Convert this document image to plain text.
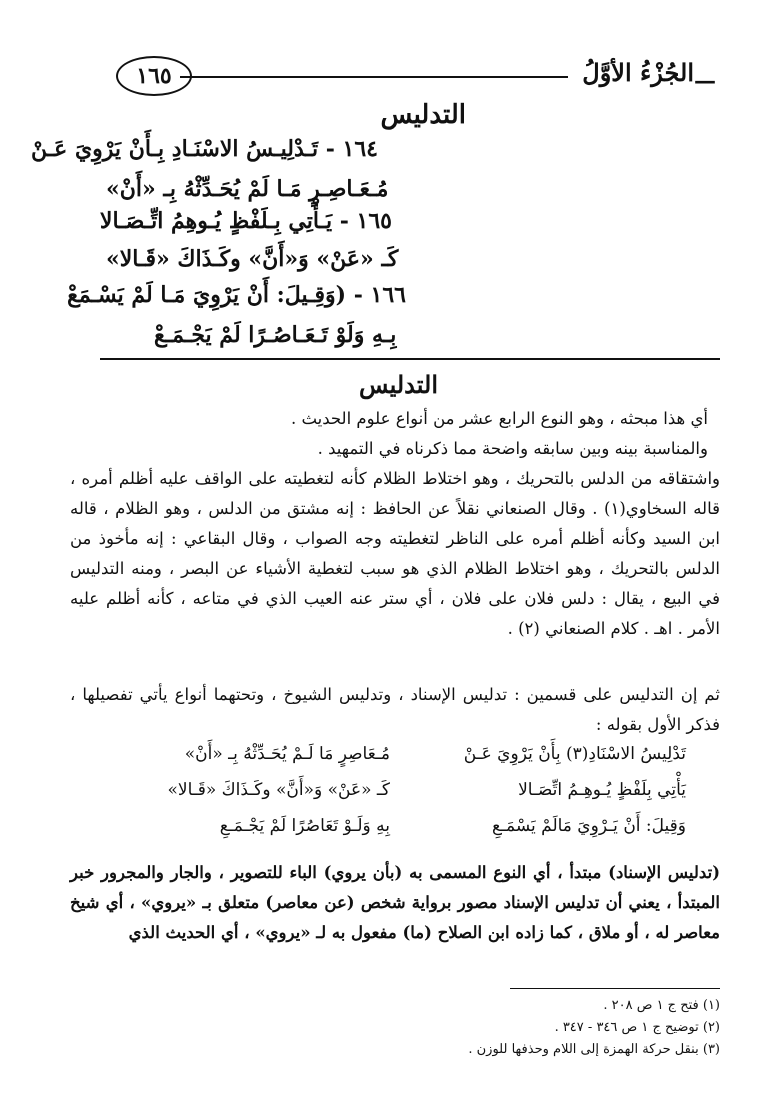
—
الجُزْءُ الأوَّلُ
١٦٥
التدليس
١٦٤ - تَـدْلِيـسُ الاسْنَـادِ بِـأَنْ يَرْوِيَ عَـنْ
مُـعَـاصِـرٍ مَـا لَمْ يُحَـدِّثْهُ بِـ «أَنْ»
١٦٥ - يَـأْتِي بِـلَفْظٍ يُـوهِمُ اتِّـصَـالا
كَـ «عَنْ» وَ«أَنَّ» وكَـذَاكَ «قَـالا»
١٦٦ - (وَقِـيلَ: أَنْ يَرْوِيَ مَـا لَمْ يَسْـمَعْ
بِـهِ وَلَوْ تَـعَـاصُـرًا لَمْ يَجْـمَـعْ
التدليس
أي هذا مبحثه ، وهو النوع الرابع عشر من أنواع علوم الحديث .
والمناسبة بينه وبين سابقه واضحة مما ذكرناه في التمهيد .
واشتقاقه من الدلس بالتحريك ، وهو اختلاط الظلام كأنه لتغطيته على الواقف عليه أظلم أمره ، قاله السخاوي(١) . وقال الصنعاني نقلاً عن الحافظ : إنه مشتق من الدلس ، وهو الظلام ، قاله ابن السيد وكأنه أظلم أمره على الناظر لتغطيته وجه الصواب ، وقال البقاعي : إنه مأخوذ من الدلس بالتحريك ، وهو اختلاط الظلام الذي هو سبب لتغطية الأشياء عن البصر ، ومنه التدليس في البيع ، يقال : دلس فلان على فلان ، أي ستر عنه العيب الذي في متاعه ، كأنه أظلم عليه الأمر . اهـ . كلام الصنعاني (٢) .
ثم إن التدليس على قسمين : تدليس الإسناد ، وتدليس الشيوخ ، وتحتهما أنواع يأتي تفصيلها ، فذكر الأول بقوله :
تَدْلِيسُ الاسْنَادِ(٣) بِأَنْ يَرْوِيَ عَـنْ
مُـعَاصِرٍ مَا لَـمْ يُحَـدِّثْهُ بِـ «أَنْ»
يَأْتِي بِلَفْظٍ يُـوهِـمُ اتِّصَـالا
كَـ «عَنْ» وَ«أَنَّ» وكَـذَاكَ «قَـالا»
وَقِيلَ: أَنْ يَـرْوِيَ مَالَمْ يَسْمَـعِ
بِهِ وَلَـوْ تَعَاصُرًا لَمْ يَجْـمَـعِ
(تدليس الإسناد) مبتدأ ، أي النوع المسمى به (بأن يروي) الباء للتصوير ، والجار والمجرور خبر المبتدأ ، يعني أن تدليس الإسناد مصور برواية شخص (عن معاصر) متعلق بـ «يروي» ، أي شيخ معاصر له ، أو ملاق ، كما زاده ابن الصلاح (ما) مفعول به لـ «يروي» ، أي الحديث الذي
(١) فتح ج ١ ص ٢٠٨ .
(٢) توضيح ج ١ ص ٣٤٦ - ٣٤٧ .
(٣) بنقل حركة الهمزة إلى اللام وحذفها للوزن .
